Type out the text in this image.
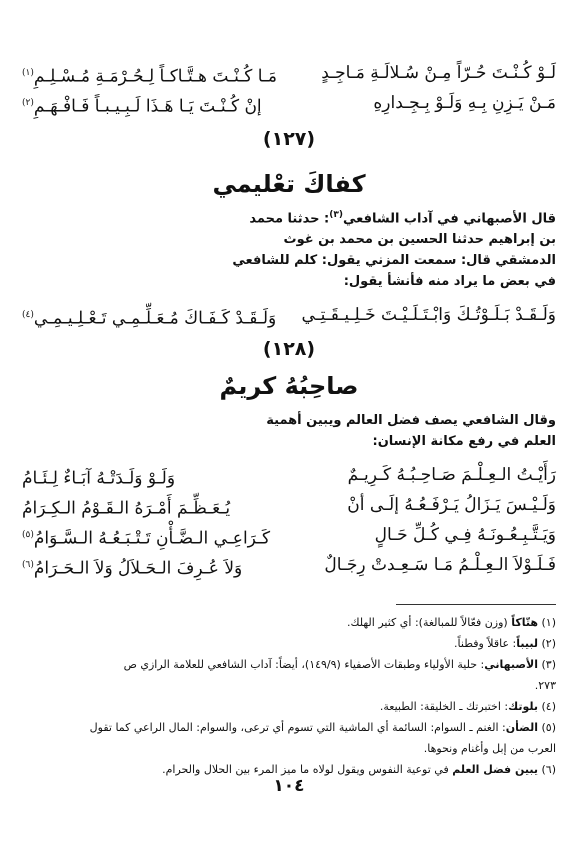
لَـوْ كُـنْـتَ حُـرّاً مِـنْ سُـلالَـةِ مَـاجِـدٍ
مَـا كُـنْـتَ هـتَّـاكـاً لِـحُـرْمَـةِ مُـسْـلِـمِ$^{(١)}$
مَـنْ يَـزِنِ بِـهِ وَلَـوْ بِـجِـدارِهِ
إنْ كُـنْـتَ يَـا هَـذَا لَـبِـيـبـاً فَـافْـهَـمِ$^{(٢)}$
(١٢٧)
كفاكَ تعْليمي
قال الأصبهاني في آداب الشافعي$^{(٣)}$: حدثنا محمد
بن إبراهيم حدثنا الحسين بن محمد بن غوث
الدمشقي قال: سمعت المزني يقول: كلم للشافعي
في بعض ما يراد منه فأنشأ يقول:
وَلَـقَـدْ بَـلَـوْتُـكَ وَابْـتَـلَـيْـتَ خَـلِـيـقَـتِـي
وَلَـقَـدْ كَـفَـاكَ مُـعَـلِّـمِـي تَـعْـلِـيـمِـي$^{(٤)}$
(١٢٨)
صاحِبُهُ كريمٌ
وقال الشافعي يصف فضل العالم ويبين أهمية
العلم في رفع مكانة الإنسان:
رَأَيْـتُ الـعِـلْـمَ صَـاحِـبُـهُ كَـرِيـمٌ
وَلَـوْ وَلَـدَتْـهُ آبَـاءٌ لِـئَـامُ
وَلَـيْـسَ يَـزَالُ يَـرْفَـعُـهُ إلَـى أنْ
يُـعَـظِّـمَ أَمْـرَهُ الـقَـوْمُ الـكِـرَامُ
وَيَـتَّـبِـعُـونَـهُ فِـي كُـلِّ حَـالٍ
كَـرَاعِـي الـضَّـأْنِ تَـتْـبَـعُـهُ الـسَّـوَامُ$^{(٥)}$
فَـلَـوْلاَ الـعِـلْـمُ مَـا سَـعِـدتْ رِجَـالٌ
وَلاَ عُـرِفَ الـحَـلاَلُ وَلاَ الـحَـرَامُ$^{(٦)}$
(١) هتّاكاً (وزن فعّالاً للمبالغة): أي كثير الهلك.
(٢) لبيباً: عاقلاً وفطناً.
(٣) الأصبهاني: حلية الأولياء وطبقات الأصفياء (١٤٩/٩)، أيضاً: آداب الشافعي للعلامة الرازي ص
٢٧٣.
(٤) بلوتك: اختبرتك ـ الخليقة: الطبيعة.
(٥) الضأن: الغنم ـ السوام: السائمة أي الماشية التي تسوم أي ترعى، والسوام: المال الراعي كما تقول
العرب من إبل وأغنام ونحوها.
(٦) يبين فضل العلم في توعية النفوس ويقول لولاه ما ميز المرء بين الحلال والحرام.
١٠٤
